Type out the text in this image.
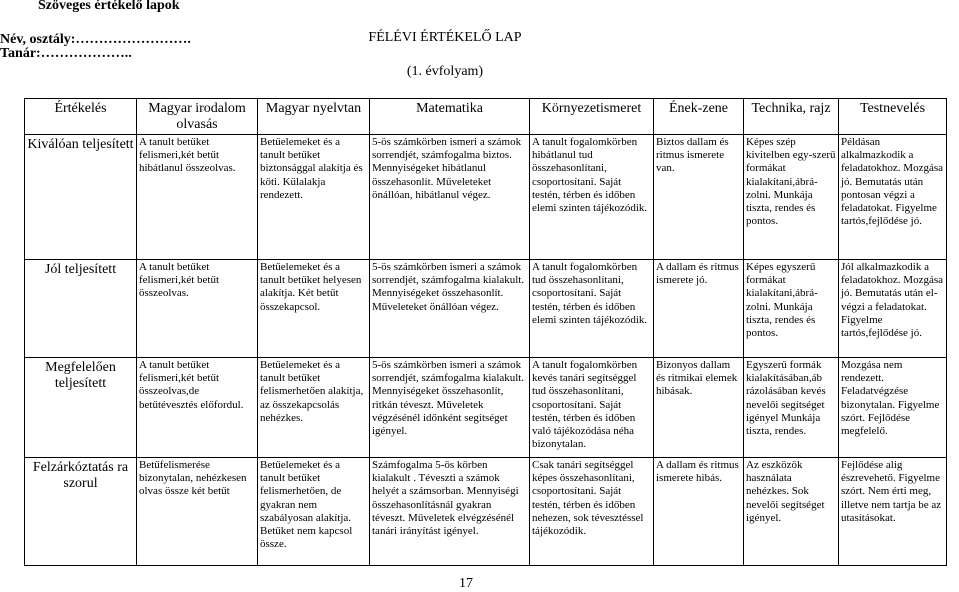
Szöveges értékelő lapok
Név, osztály:…………………….
Tanár:………………..
FÉLÉVI ÉRTÉKELŐ LAP
(1. évfolyam)
Értékelés	Magyar irodalom olvasás	Magyar nyelvtan	Matematika	Környezetismeret	Ének-zene	Technika, rajz	Testnevelés
Kiválóan teljesített	A tanult betűket felismeri,két betűt hibátlanul összeolvas.	Betűelemeket és a tanult betűket biztonsággal alakítja és köti. Külalakja rendezett.	5-ös számkörben ismeri a számok sorrendjét, számfogalma biztos. Mennyiségeket hibátlanul összehasonlít. Műveleteket önállóan, hibátlanul végez.	A tanult fogalomkörben hibátlanul tud összehasonlítani, csoportosítani. Saját testén, térben és időben elemi szinten tájékozódik.	Biztos dallam és ritmus ismerete van.	Képes szép kivitelben egy-szerű formákat kialakítani,ábrá-zolni. Munkája tiszta, rendes és pontos.	Példásan alkalmazkodik a feladatokhoz. Mozgása jó. Bemutatás után pontosan végzi a feladatokat. Figyelme tartós,fejlődése jó.
Jól teljesített	A tanult betűket felismeri,két betűt összeolvas.	Betűelemeket és a tanult betűket helyesen alakítja. Két betűt összekapcsol.	5-ös számkörben ismeri a számok sorrendjét, számfogalma kialakult. Mennyiségeket összehasonlít. Műveleteket önállóan végez.	A tanult fogalomkörben tud összehasonlítani, csoportosítani. Saját testén, térben és időben elemi szinten tájékozódik.	A dallam és ritmus ismerete jó.	Képes egyszerű formákat kialakítani,ábrá-zolni. Munkája tiszta, rendes és pontos.	Jól alkalmazkodik a feladatokhoz. Mozgása jó. Bemutatás után el-végzi a feladatokat. Figyelme tartós,fejlődése jó.
Megfelelően teljesített	A tanult betűket felismeri,két betűt összeolvas,de betűtévesztés előfordul.	Betűelemeket és a tanult betűket felismerhetően alakítja, az összekapcsolás nehézkes.	5-ös számkörben ismeri a számok sorrendjét, számfogalma kialakult. Mennyiségeket összehasonlít, ritkán téveszt. Műveletek végzésénél időnként segítséget igényel.	A tanult fogalomkörben kevés tanári segítséggel tud összehasonlítani, csoportosítani. Saját testén, térben és időben való tájékozódása néha bizonytalan.	Bizonyos dallam és ritmikai elemek hibásak.	Egyszerű formák kialakításában,áb rázolásában kevés nevelői segítséget igényel Munkája tiszta, rendes.	Mozgása nem rendezett. Feladatvégzése bizonytalan. Figyelme szórt. Fejlődése megfelelő.
Felzárkóztatás ra szorul	Betűfelismerése bizonytalan, nehézkesen olvas össze két betűt	Betűelemeket és a tanult betűket felismerhetően, de gyakran nem szabályosan alakítja. Betűket nem kapcsol össze.	Számfogalma 5-ös körben kialakult . Téveszti a számok helyét a számsorban. Mennyiségi összehasonlításnál gyakran téveszt. Műveletek elvégzésénél tanári irányítást igényel.	Csak tanári segítséggel képes összehasonlítani, csoportosítani. Saját testén, térben és időben nehezen, sok tévesztéssel tájékozódik.	A dallam és ritmus ismerete hibás.	Az eszközök használata nehézkes. Sok nevelői segítséget igényel.	Fejlődése alig észrevehető. Figyelme szórt. Nem érti meg, illetve nem tartja be az utasításokat.
17
